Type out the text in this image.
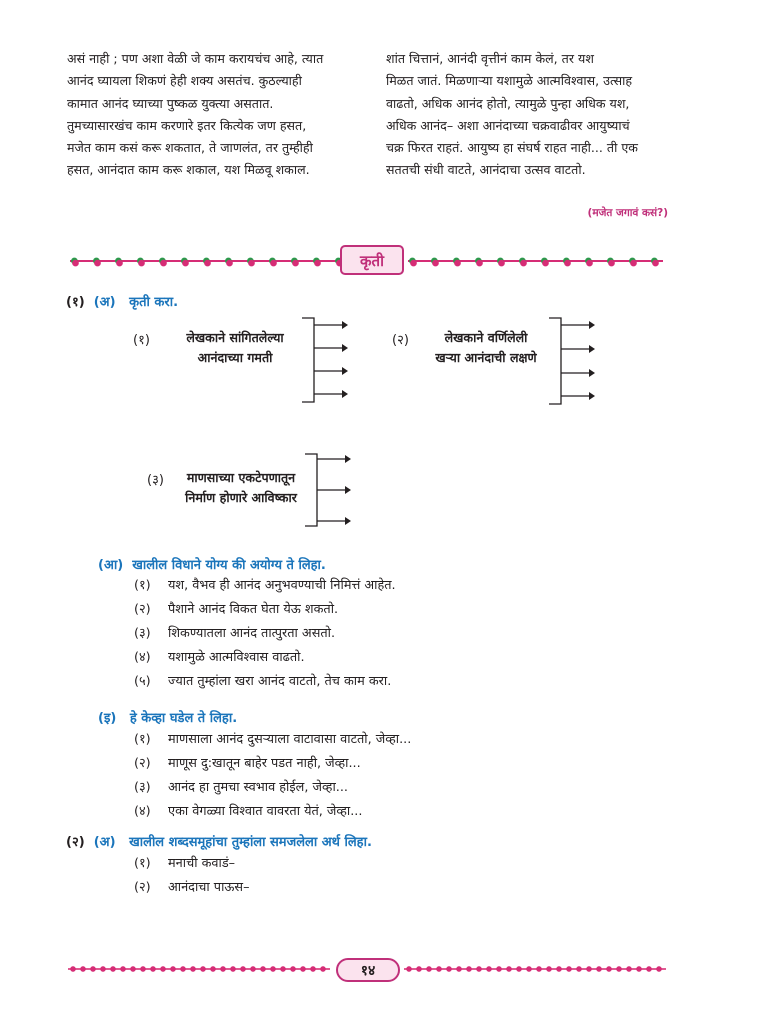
असं नाही ; पण अशा वेळी जे काम करायचंच आहे, त्यात
आनंद घ्यायला शिकणं हेही शक्य असतंच. कुठल्याही
कामात आनंद घ्याच्या पुष्कळ युक्त्या असतात.
तुमच्यासारखंच काम करणारे इतर कित्येक जण हसत,
मजेत काम कसं करू शकतात, ते जाणलंत, तर तुम्हीही
हसत, आनंदात काम करू शकाल, यश मिळवू शकाल.

शांत चित्तानं, आनंदी वृत्तीनं काम केलं, तर यश
मिळत जातं. मिळणाऱ्या यशामुळे आत्मविश्वास, उत्साह
वाढतो, अधिक आनंद होतो, त्यामुळे पुन्हा अधिक यश,
अधिक आनंद– अशा आनंदाच्या चक्रवाढीवर आयुष्याचं
चक्र फिरत राहतं. आयुष्य हा संघर्ष राहत नाही... ती एक
सततची संधी वाटते, आनंदाचा उत्सव वाटतो.

(मजेत जगावं कसं?)
कृती
(१) (अ) कृती करा.
(१)	लेखकाने सांगितलेल्या
आनंदाच्या गमती
(२)	लेखकाने वर्णिलेली
खऱ्या आनंदाची लक्षणे
(३)	माणसाच्या एकटेपणातून
निर्माण होणारे आविष्कार
(आ) खालील विधाने योग्य की अयोग्य ते लिहा.
(१) यश, वैभव ही आनंद अनुभवण्याची निमित्तं आहेत.
(२) पैशाने आनंद विकत घेता येऊ शकतो.
(३) शिकण्यातला आनंद तात्पुरता असतो.
(४) यशामुळे आत्मविश्वास वाढतो.
(५) ज्यात तुम्हांला खरा आनंद वाटतो, तेच काम करा.
(इ) हे केव्हा घडेल ते लिहा.
(१) माणसाला आनंद दुसऱ्याला वाटावासा वाटतो, जेव्हा...
(२) माणूस दु:खातून बाहेर पडत नाही, जेव्हा...
(३) आनंद हा तुमचा स्वभाव होईल, जेव्हा...
(४) एका वेगळ्या विश्वात वावरता येतं, जेव्हा...
(२) (अ) खालील शब्दसमूहांचा तुम्हांला समजलेला अर्थ लिहा.
(१) मनाची कवाडं–
(२) आनंदाचा पाऊस–
१४
